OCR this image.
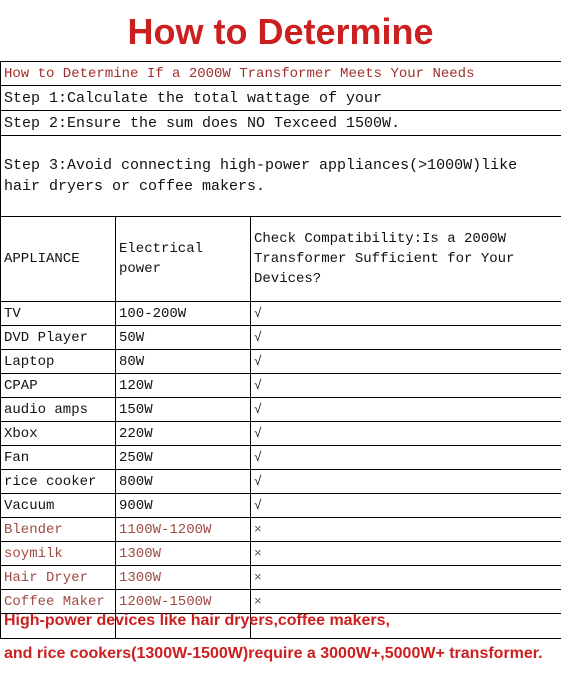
How to Determine
How to Determine If a 2000W Transformer Meets Your Needs		
Step 1:Calculate the total wattage of your		
Step 2:Ensure the sum does NO Texceed 1500W.		
Step 3:Avoid connecting high-power appliances(>1000W)like hair dryers or coffee makers.		
APPLIANCE	Electrical power	Check Compatibility:Is a 2000W Transformer Sufficient for Your Devices?
TV	100-200W	√
DVD Player	50W	√
Laptop	80W	√
CPAP	120W	√
audio amps	150W	√
Xbox	220W	√
Fan	250W	√
rice cooker	800W	√
Vacuum	900W	√
Blender	1100W-1200W	×
soymilk	1300W	×
Hair Dryer	1300W	×
Coffee Maker	1200W-1500W	×

High-power devices like hair dryers,coffee makers,
and rice cookers(1300W-1500W)require a 3000W+,5000W+ transformer.
